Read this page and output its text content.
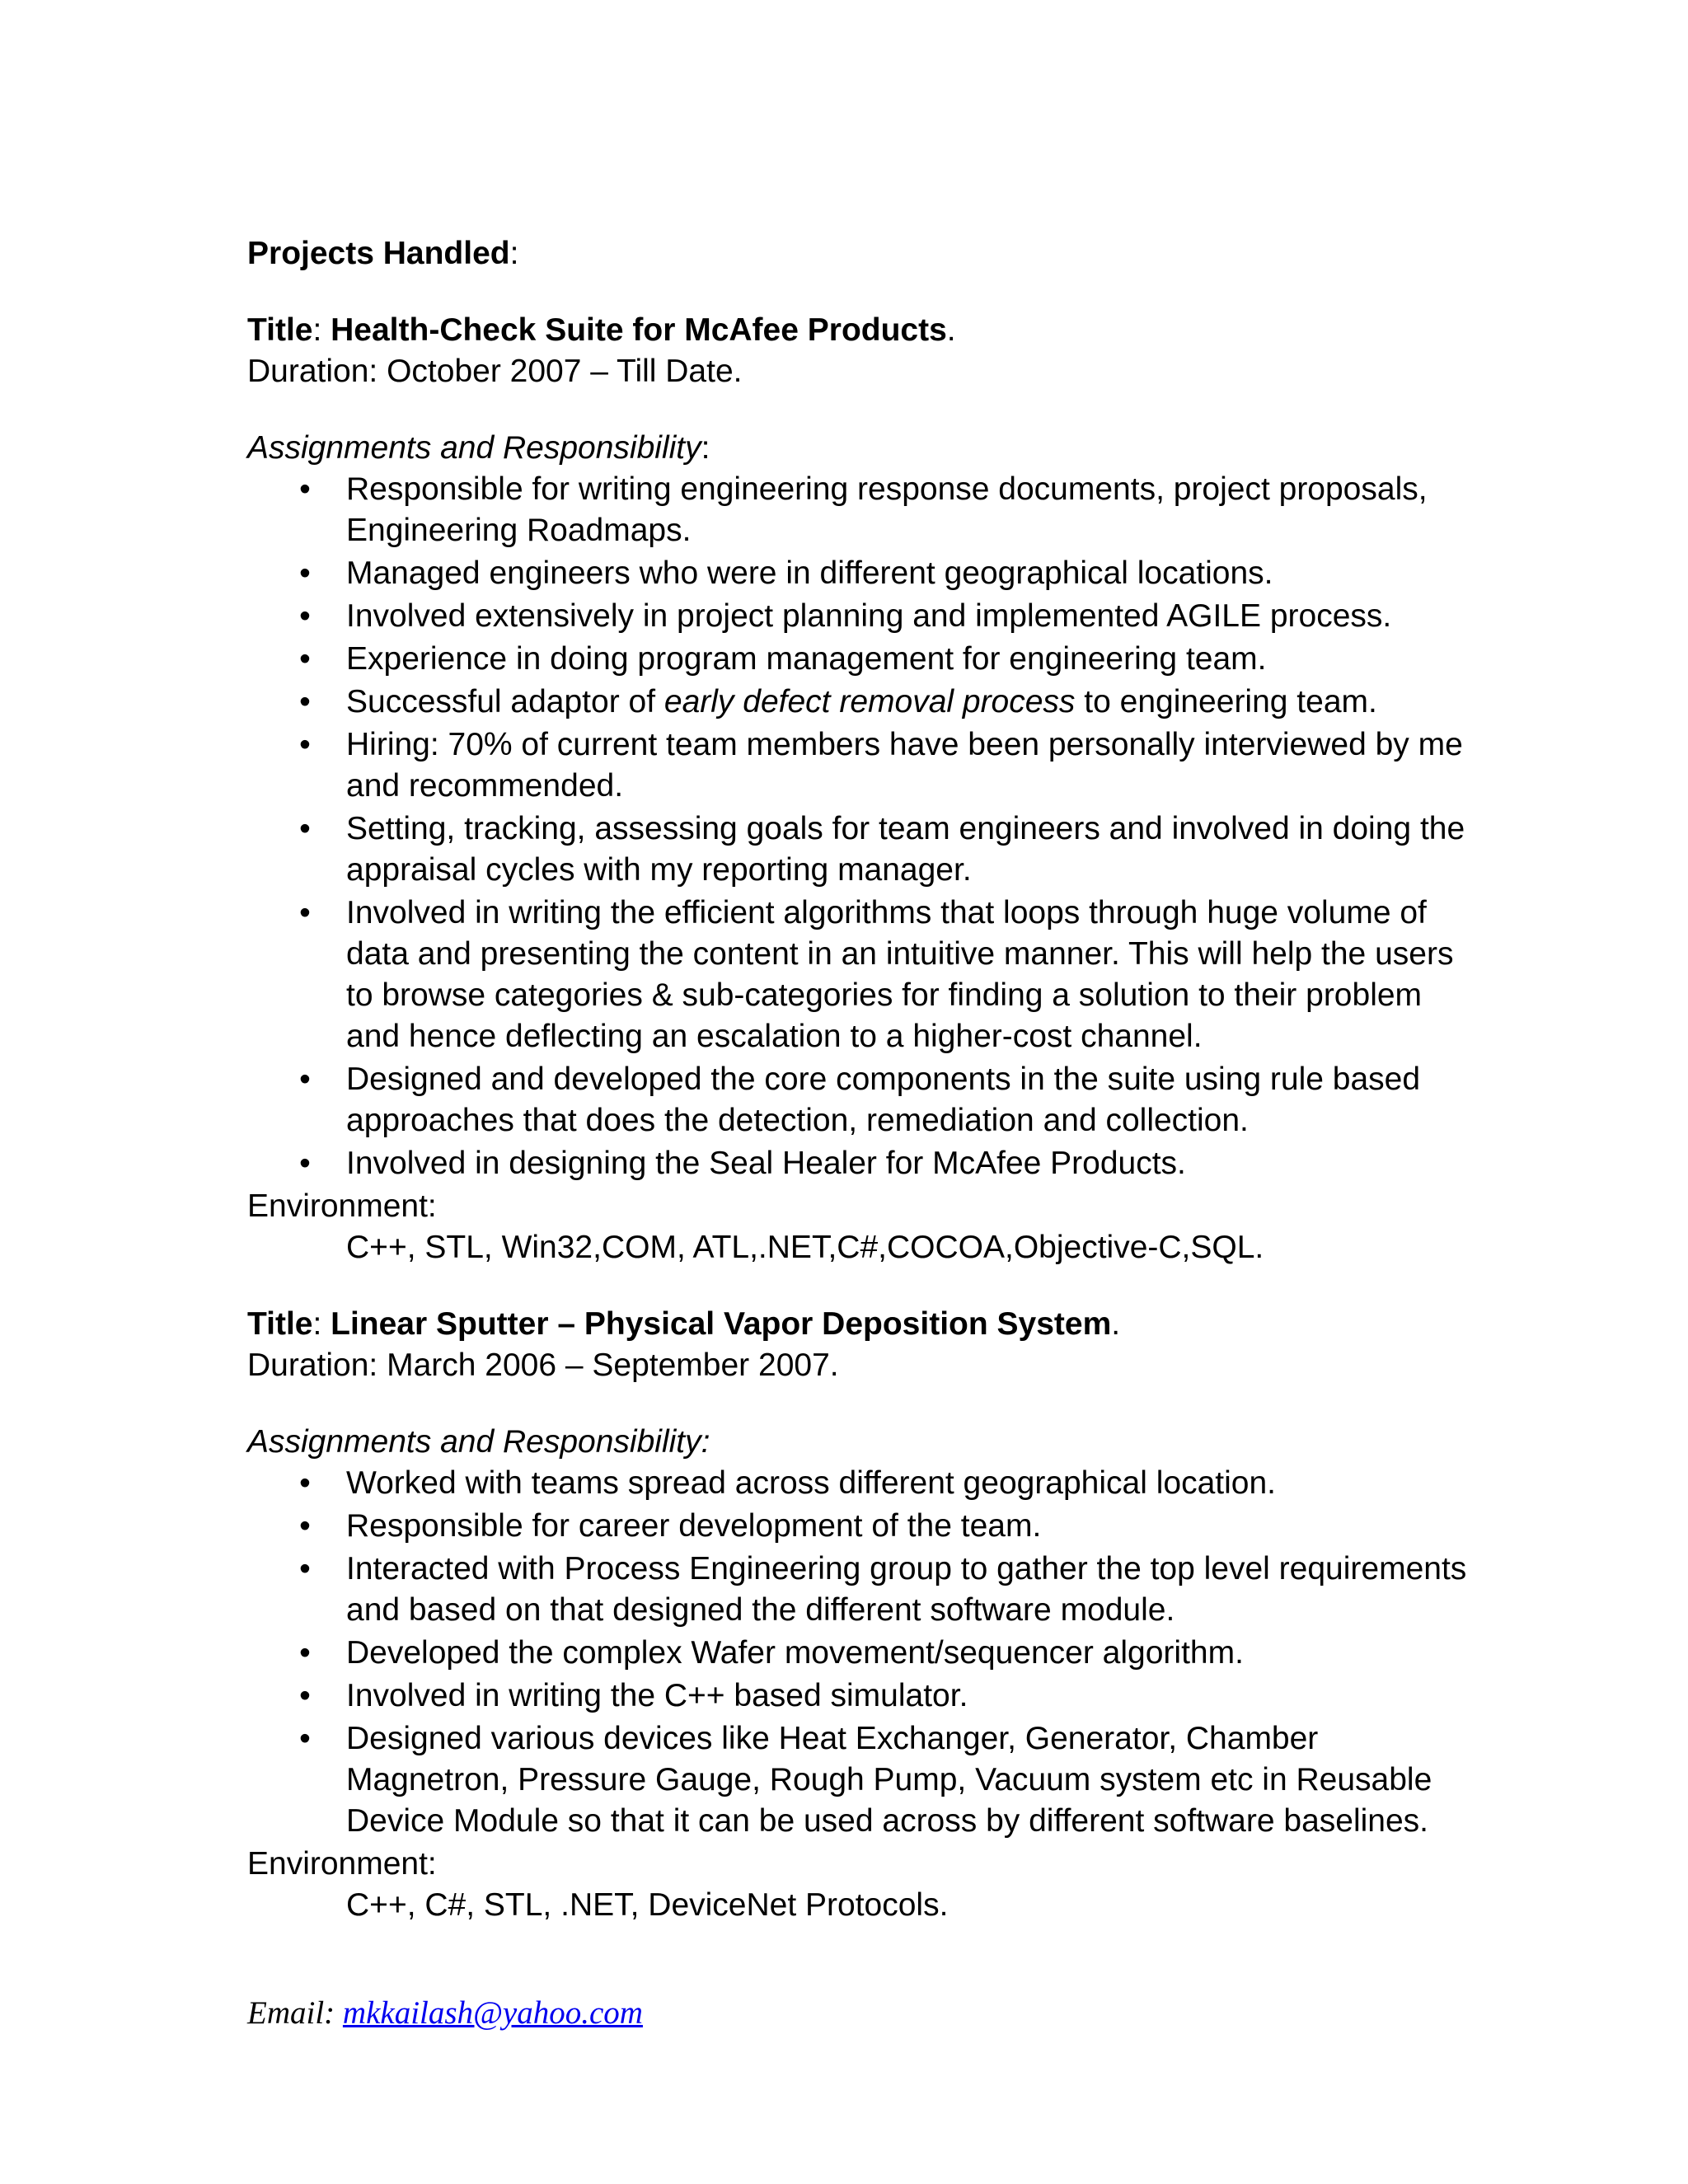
Projects Handled:

Title: Health-Check Suite for McAfee Products.

Duration: October 2007 – Till Date.

Assignments and Responsibility:

• Responsible for writing engineering response documents, project proposals, Engineering Roadmaps.
• Managed engineers who were in different geographical locations.
• Involved extensively in project planning and implemented AGILE process.
• Experience in doing program management for engineering team.
• Successful adaptor of early defect removal process to engineering team.
• Hiring: 70% of current team members have been personally interviewed by me and recommended.
• Setting, tracking, assessing goals for team engineers and involved in doing the appraisal cycles with my reporting manager.
• Involved in writing the efficient algorithms that loops through huge volume of data and presenting the content in an intuitive manner. This will help the users to browse categories & sub-categories for finding a solution to their problem and hence deflecting an escalation to a higher-cost channel.
• Designed and developed the core components in the suite using rule based approaches that does the detection, remediation and collection.
• Involved in designing the Seal Healer for McAfee Products.

Environment:

C++, STL, Win32,COM, ATL,.NET,C#,COCOA,Objective-C,SQL.

Title: Linear Sputter – Physical Vapor Deposition System.

Duration: March 2006 – September 2007.

Assignments and Responsibility:

• Worked with teams spread across different geographical location.
• Responsible for career development of the team.
• Interacted with Process Engineering group to gather the top level requirements and based on that designed the different software module.
• Developed the complex Wafer movement/sequencer algorithm.
• Involved in writing the C++ based simulator.
• Designed various devices like Heat Exchanger, Generator, Chamber Magnetron, Pressure Gauge, Rough Pump, Vacuum system etc in Reusable Device Module so that it can be used across by different software baselines.

Environment:

C++, C#, STL, .NET, DeviceNet Protocols.

Email: mkkailash@yahoo.com
